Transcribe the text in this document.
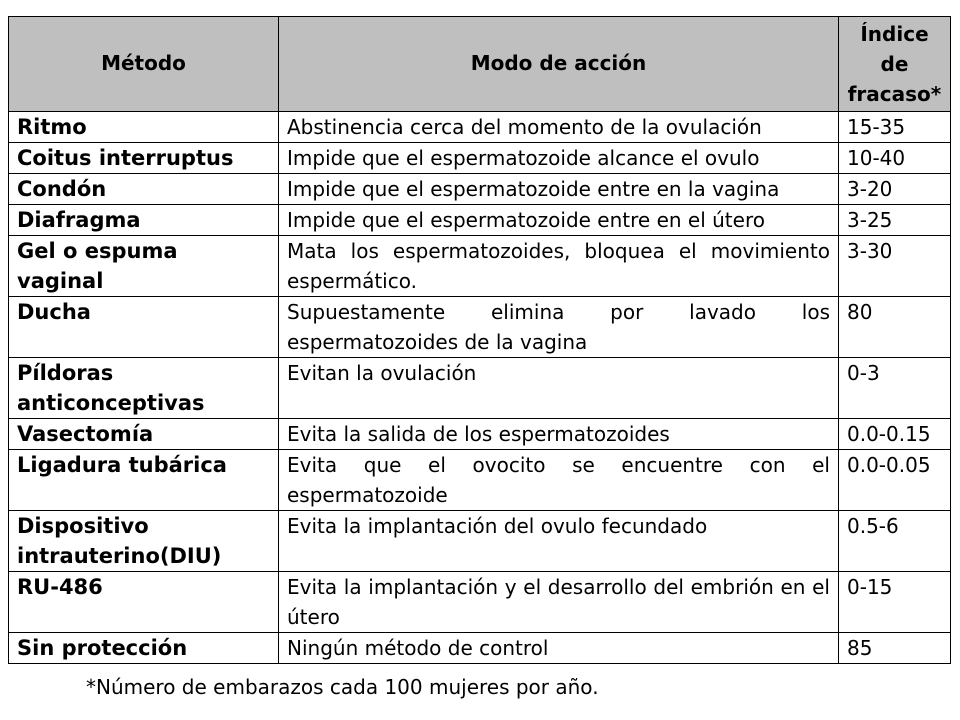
Método	Modo de acción	Índice de fracaso*
Ritmo	Abstinencia cerca del momento de la ovulación	15-35
Coitus interruptus	Impide que el espermatozoide alcance el ovulo	10-40
Condón	Impide que el espermatozoide entre en la vagina	3-20
Diafragma	Impide que el espermatozoide entre en el útero	3-25
Gel o espuma vaginal	Mata los espermatozoides, bloquea el movimiento espermático.	3-30
Ducha	Supuestamente elimina por lavado los espermatozoides de la vagina	80
Píldoras anticonceptivas	Evitan la ovulación	0-3
Vasectomía	Evita la salida de los espermatozoides	0.0-0.15
Ligadura tubárica	Evita que el ovocito se encuentre con el espermatozoide	0.0-0.05
Dispositivo intrauterino(DIU)	Evita la implantación del ovulo fecundado	0.5-6
RU-486	Evita la implantación y el desarrollo del embrión en el útero	0-15
Sin protección	Ningún método de control	85
*Número de embarazos cada 100 mujeres por año.
